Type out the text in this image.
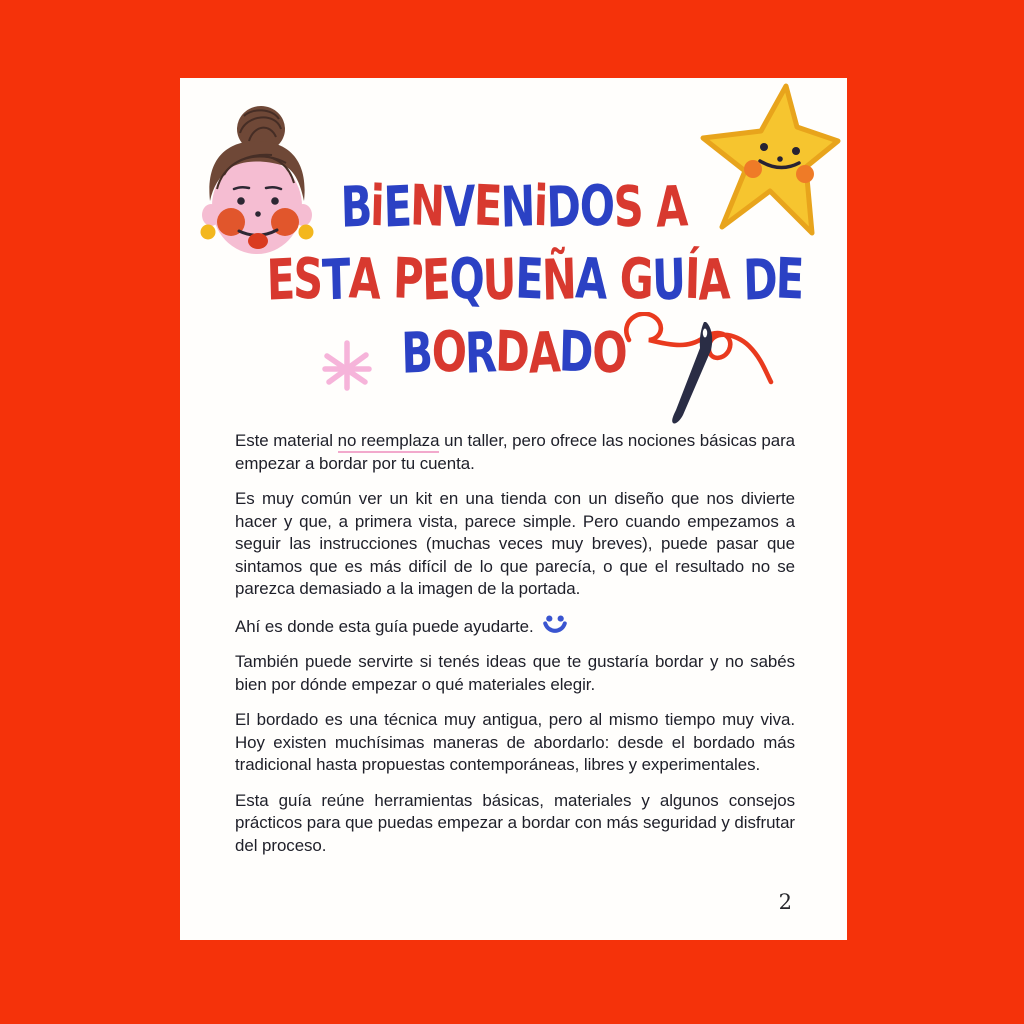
BiENVENiDOS A
ESTA PEQUEÑA GUÍA DE
BORDADO

Este material no reemplaza un taller, pero ofrece las nociones básicas para empezar a bordar por tu cuenta.

Es muy común ver un kit en una tienda con un diseño que nos divierte hacer y que, a primera vista, parece simple. Pero cuando empezamos a seguir las instrucciones (muchas veces muy breves), puede pasar que sintamos que es más difícil de lo que parecía, o que el resultado no se parezca demasiado a la imagen de la portada.

Ahí es donde esta guía puede ayudarte.

También puede servirte si tenés ideas que te gustaría bordar y no sabés bien por dónde empezar o qué materiales elegir.

El bordado es una técnica muy antigua, pero al mismo tiempo muy viva. Hoy existen muchísimas maneras de abordarlo: desde el bordado más tradicional hasta propuestas contemporáneas, libres y experimentales.

Esta guía reúne herramientas básicas, materiales y algunos consejos prácticos para que puedas empezar a bordar con más seguridad y disfrutar del proceso.

2
